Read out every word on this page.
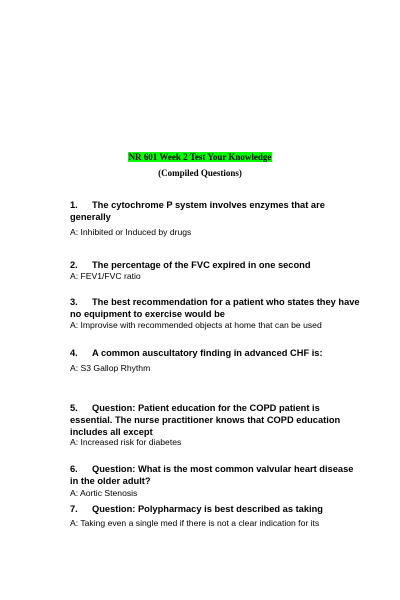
NR 601 Week 2 Test Your Knowledge
(Compiled Questions)
1. The cytochrome P system involves enzymes that are generally
A: Inhibited or Induced by drugs
2. The percentage of the FVC expired in one second
A: FEV1/FVC ratio
3. The best recommendation for a patient who states they have no equipment to exercise would be
A: Improvise with recommended objects at home that can be used
4. A common auscultatory finding in advanced CHF is:
A: S3 Gallop Rhythm
5. Question: Patient education for the COPD patient is essential. The nurse practitioner knows that COPD education includes all except
A: Increased risk for diabetes
6. Question: What is the most common valvular heart disease in the older adult?
A: Aortic Stenosis
7. Question: Polypharmacy is best described as taking
A: Taking even a single med if there is not a clear indication for its
